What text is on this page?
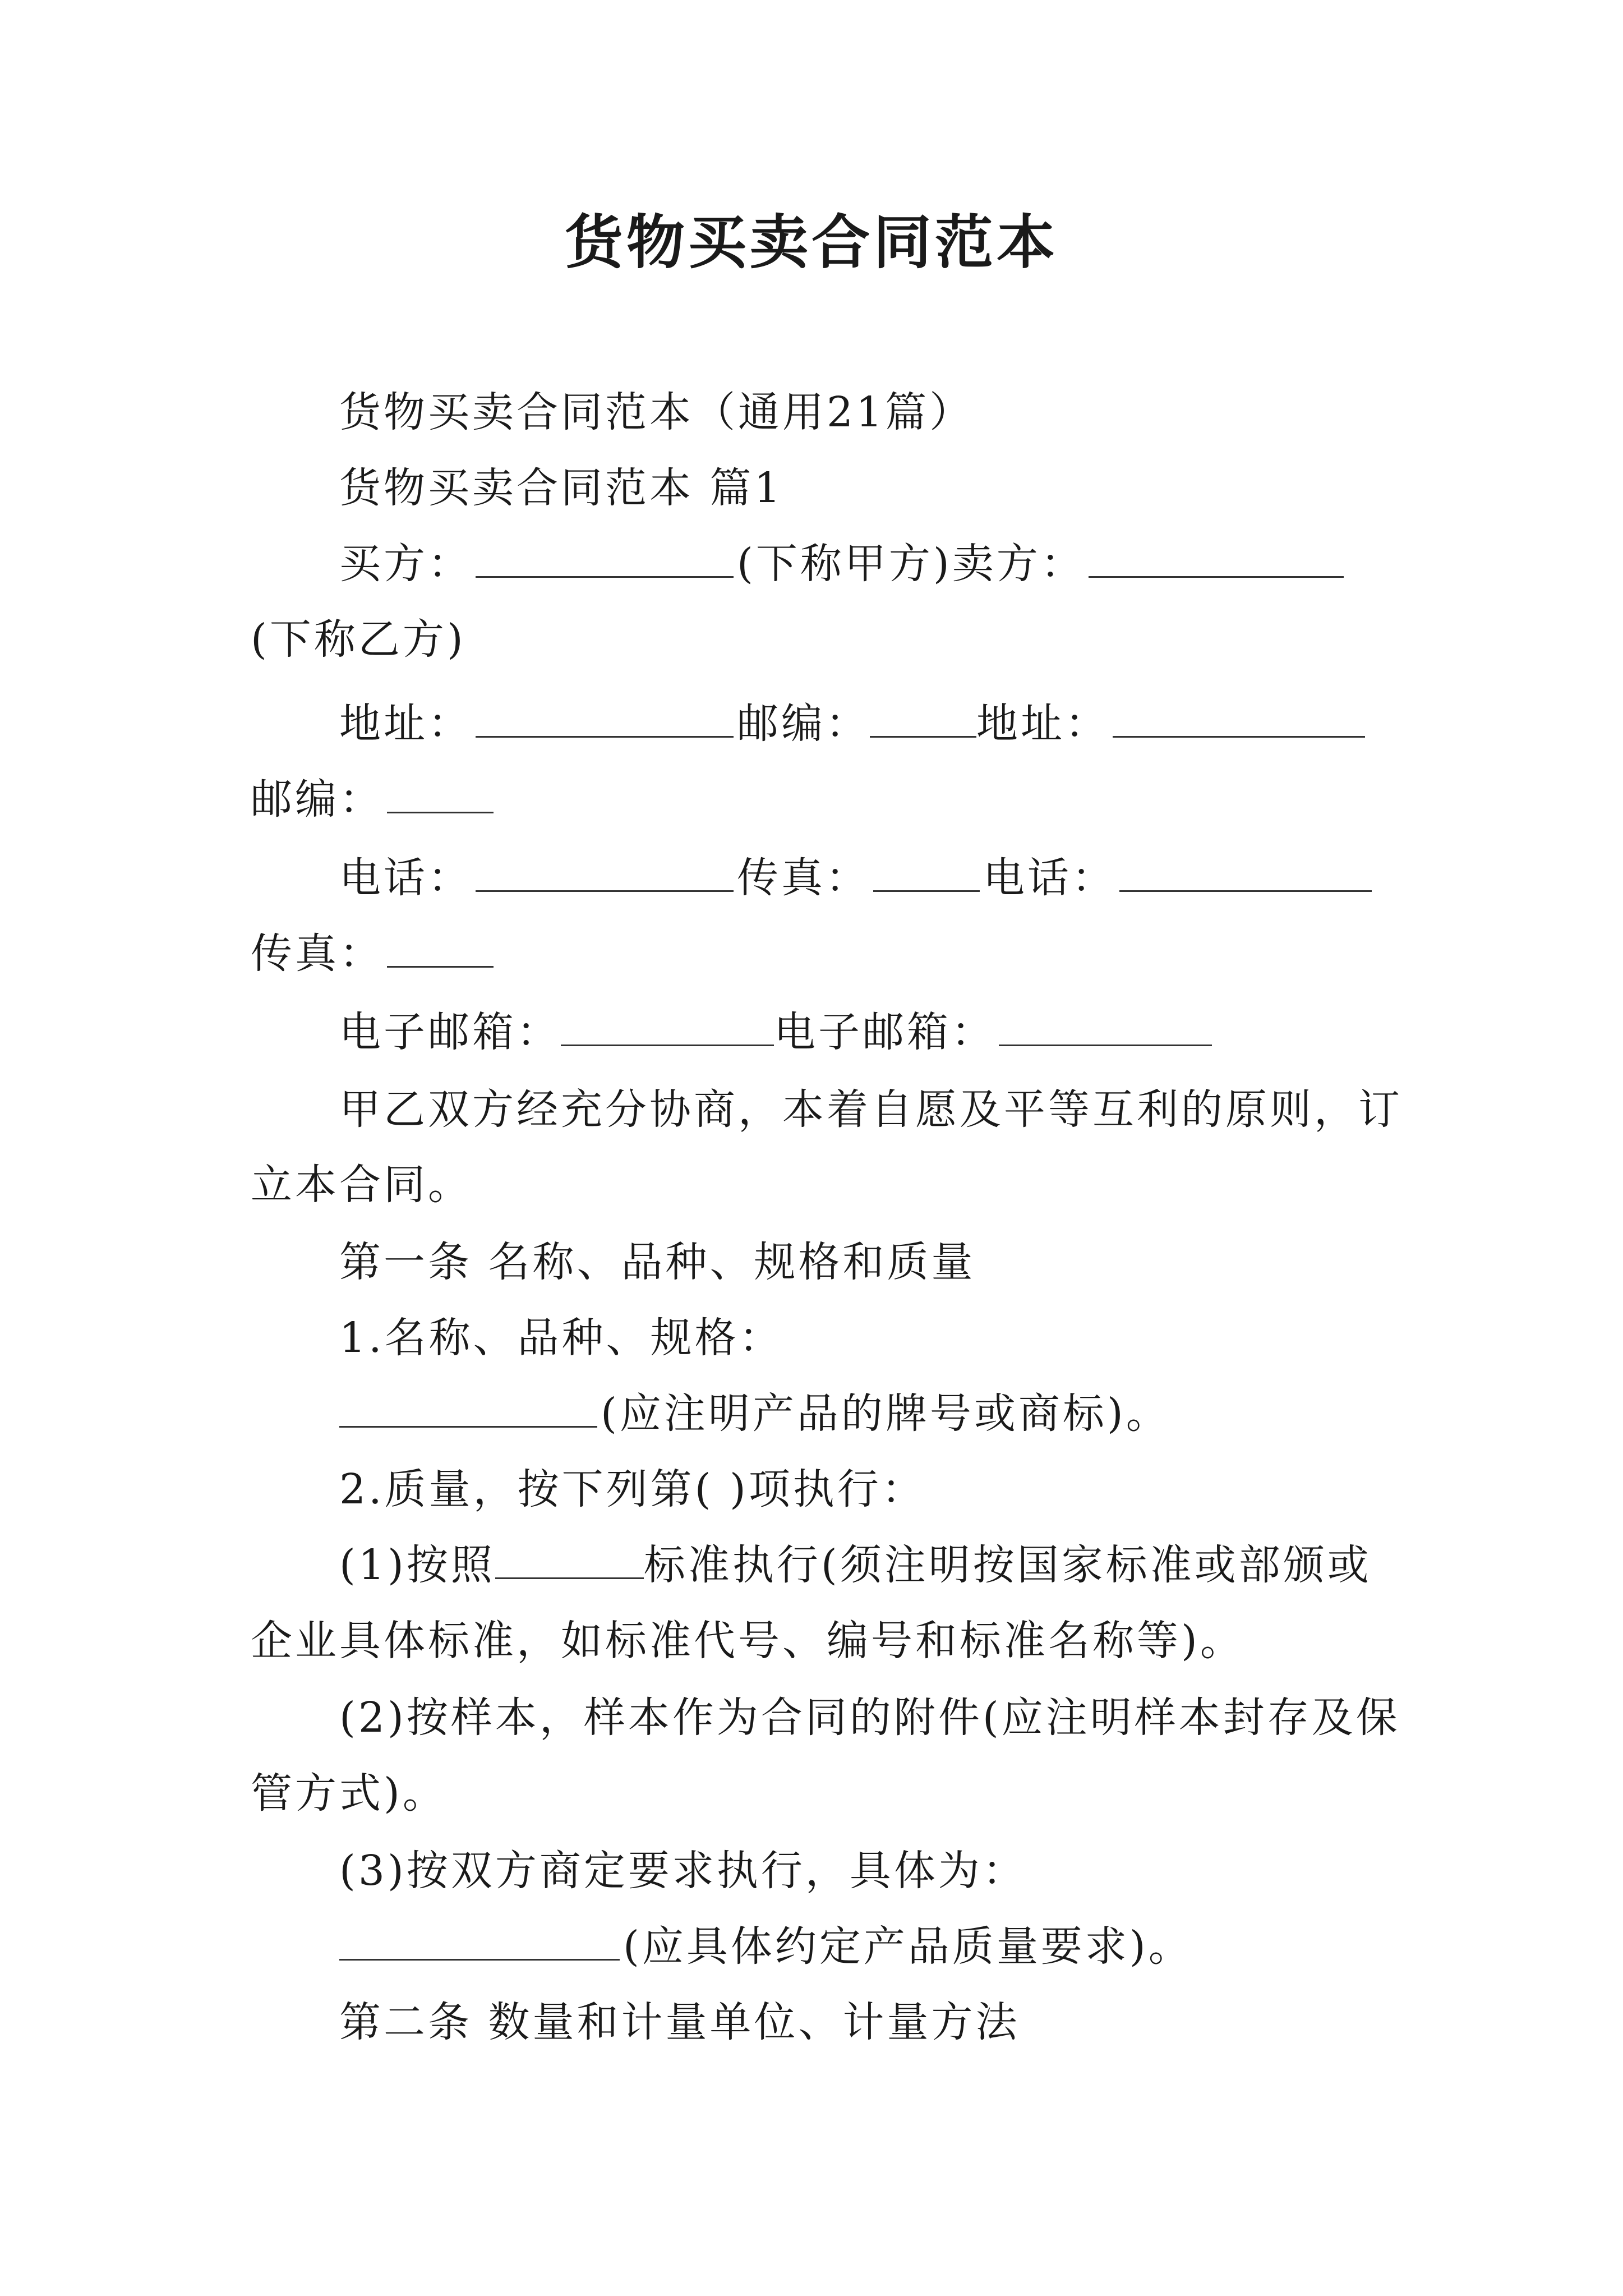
货物买卖合同范本
货物买卖合同范本（通用21篇）
货物买卖合同范本 篇1
买方：	(下称甲方)卖方：
(下称乙方)
地址：	邮编：	地址：
邮编：
电话：	传真：	电话：
传真：
电子邮箱：	电子邮箱：
甲乙双方经充分协商，本着自愿及平等互利的原则，订
立本合同。
第一条 名称、品种、规格和质量
1.名称、品种、规格：
(应注明产品的牌号或商标)。
2.质量，按下列第( )项执行：
(1)按照	标准执行(须注明按国家标准或部颁或
企业具体标准，如标准代号、编号和标准名称等)。
(2)按样本，样本作为合同的附件(应注明样本封存及保
管方式)。
(3)按双方商定要求执行，具体为：
(应具体约定产品质量要求)。
第二条 数量和计量单位、计量方法
